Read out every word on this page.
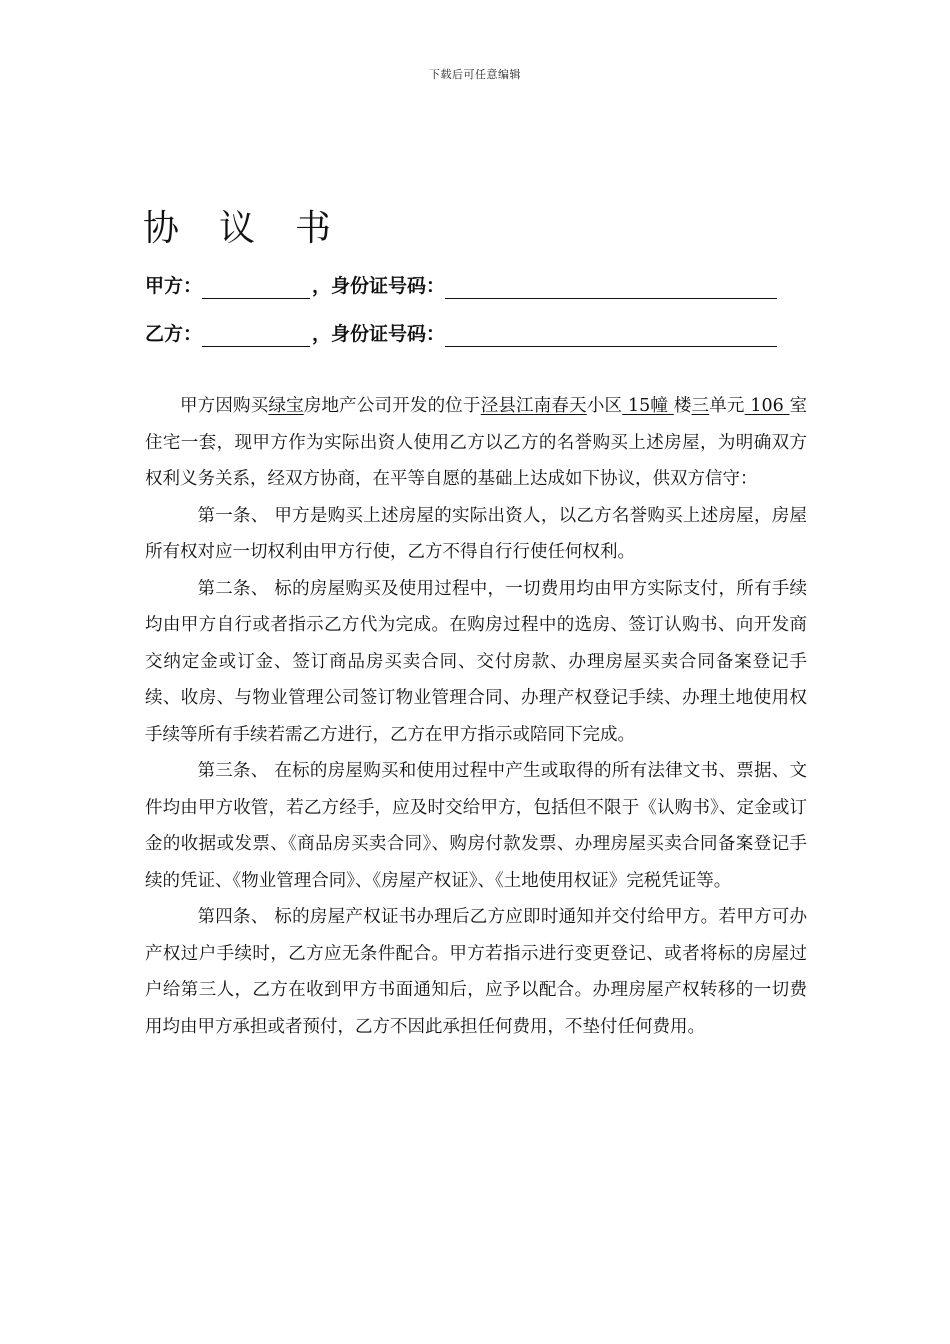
下载后可任意编辑
协议书
甲方：	，身份证号码：
乙方：	，身份证号码：

甲方因购买绿宝房地产公司开发的位于泾县江南春天小区 15幢 楼三单元 106 室住宅一套，现甲方作为实际出资人使用乙方以乙方的名誉购买上述房屋，为明确双方权利义务关系，经双方协商，在平等自愿的基础上达成如下协议，供双方信守：

第一条、 甲方是购买上述房屋的实际出资人，以乙方名誉购买上述房屋，房屋所有权对应一切权利由甲方行使，乙方不得自行行使任何权利。

第二条、 标的房屋购买及使用过程中，一切费用均由甲方实际支付，所有手续均由甲方自行或者指示乙方代为完成。在购房过程中的选房、签订认购书、向开发商交纳定金或订金、签订商品房买卖合同、交付房款、办理房屋买卖合同备案登记手续、收房、与物业管理公司签订物业管理合同、办理产权登记手续、办理土地使用权手续等所有手续若需乙方进行，乙方在甲方指示或陪同下完成。

第三条、 在标的房屋购买和使用过程中产生或取得的所有法律文书、票据、文件均由甲方收管，若乙方经手，应及时交给甲方，包括但不限于《认购书》、定金或订金的收据或发票、《商品房买卖合同》、购房付款发票、办理房屋买卖合同备案登记手续的凭证、《物业管理合同》、《房屋产权证》、《土地使用权证》完税凭证等。

第四条、 标的房屋产权证书办理后乙方应即时通知并交付给甲方。若甲方可办产权过户手续时，乙方应无条件配合。甲方若指示进行变更登记、或者将标的房屋过户给第三人，乙方在收到甲方书面通知后，应予以配合。办理房屋产权转移的一切费用均由甲方承担或者预付，乙方不因此承担任何费用，不垫付任何费用。
